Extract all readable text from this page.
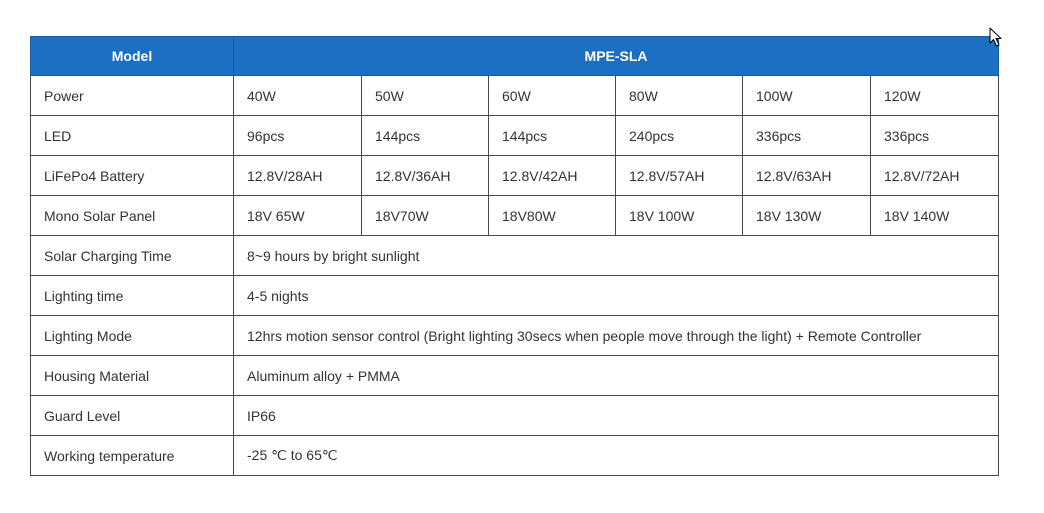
Model	MPE-SLA					
Power	40W	50W	60W	80W	100W	120W
LED	96pcs	144pcs	144pcs	240pcs	336pcs	336pcs
LiFePo4 Battery	12.8V/28AH	12.8V/36AH	12.8V/42AH	12.8V/57AH	12.8V/63AH	12.8V/72AH
Mono Solar Panel	18V 65W	18V70W	18V80W	18V 100W	18V 130W	18V 140W
Solar Charging Time	8~9 hours by bright sunlight					
Lighting time	4-5 nights					
Lighting Mode	12hrs motion sensor control (Bright lighting 30secs when people move through the light) + Remote Controller					
Housing Material	Aluminum alloy + PMMA					
Guard Level	IP66					
Working temperature	-25 ℃ to 65℃					
